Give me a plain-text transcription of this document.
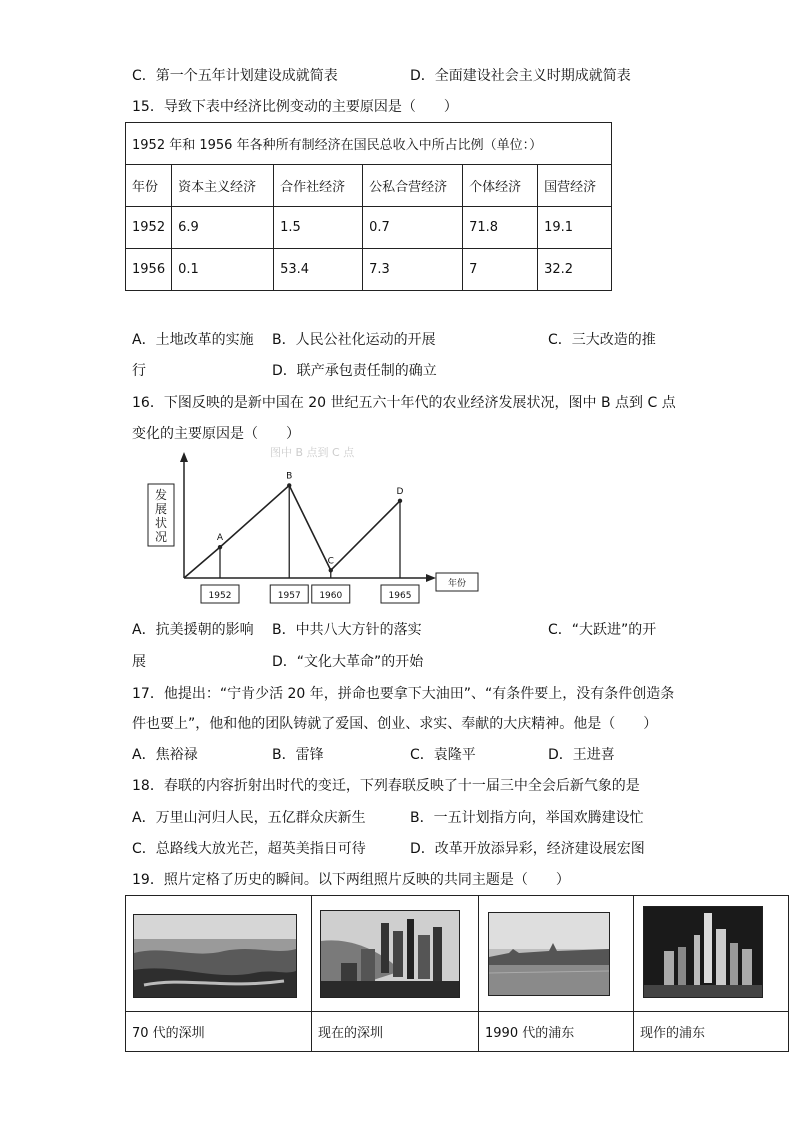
C．第一个五年计划建设成就简表	D．全面建设社会主义时期成就简表
15．导致下表中经济比例变动的主要原因是（　　）
1952 年和 1956 年各种所有制经济在国民总收入中所占比例（单位：）					
年份	资本主义经济	合作社经济	公私合营经济	个体经济	国营经济
1952	6.9	1.5	0.7	71.8	19.1
1956	0.1	53.4	7.3	7	32.2
A．土地改革的实施 B．人民公社化运动的开展	C．三大改造的推
行	D．联产承包责任制的确立
16．下图反映的是新中国在 20 世纪五六十年代的农业经济发展状况，图中 B 点到 C 点
变化的主要原因是（　　）
图中 B 点到 C 点
发展状况
年份
A
1952
B
1957
C
1960
D
1965
A．抗美援朝的影响 B．中共八大方针的落实	C．“大跃进”的开
展	D．“文化大革命”的开始
17．他提出：“宁肯少活 20 年，拼命也要拿下大油田”、“有条件要上，没有条件创造条
件也要上”，他和他的团队铸就了爱国、创业、求实、奉献的大庆精神。他是（　　）
A．焦裕禄	B．雷锋	C．袁隆平	D．王进喜
18．春联的内容折射出时代的变迁，下列春联反映了十一届三中全会后新气象的是
A．万里山河归人民，五亿群众庆新生	B．一五计划指方向，举国欢腾建设忙
C．总路线大放光芒，超英美指日可待	D．改革开放添异彩，经济建设展宏图
19．照片定格了历史的瞬间。以下两组照片反映的共同主题是（　　）

70 代的深圳	现在的深圳	1990 代的浦东	现作的浦东
